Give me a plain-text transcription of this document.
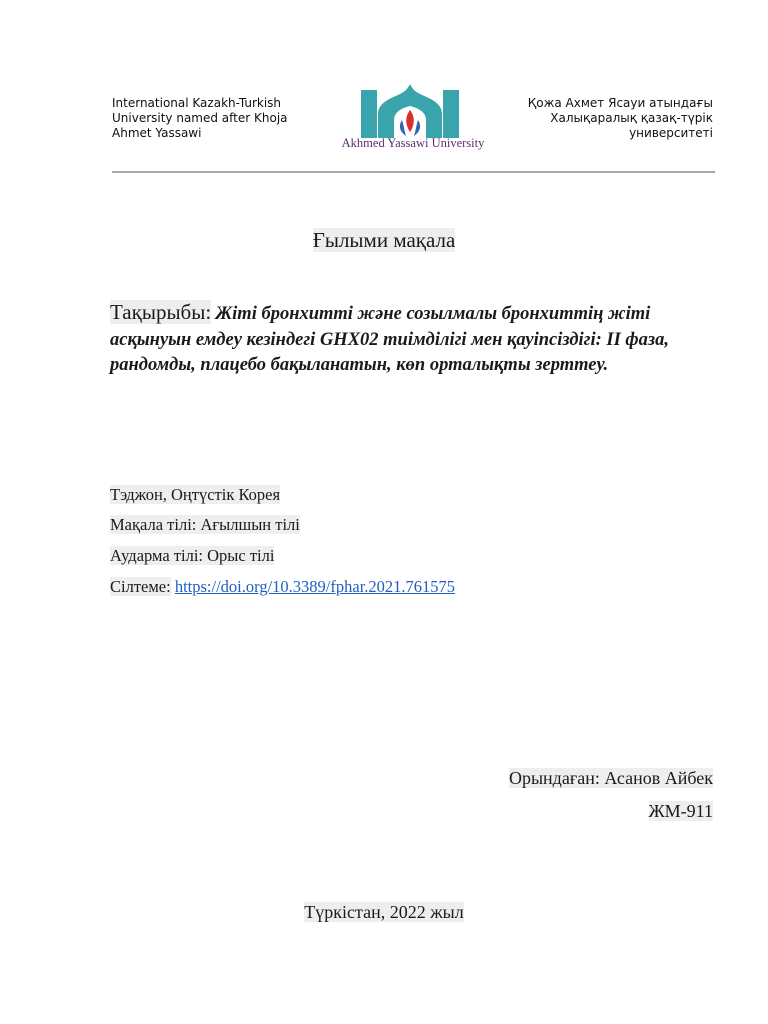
International Kazakh-Turkish
University named after Khoja
Ahmet Yassawi
Akhmed Yassawi University
Қожа Ахмет Ясауи атындағы
Халықаралық қазақ-түрік
университеті
Ғылыми мақала
Тақырыбы: Жіті бронхитті және созылмалы бронхиттің жіті асқынуын емдеу кезіндегі GHX02 тиімділігі мен қауіпсіздігі: II фаза, рандомды, плацебо бақыланатын, көп орталықты зерттеу.
Тэджон, Оңтүстік Корея
Мақала тілі: Ағылшын тілі
Аударма тілі: Орыс тілі
Сілтеме: https://doi.org/10.3389/fphar.2021.761575
Орындаған: Асанов Айбек
ЖМ-911
Түркістан, 2022 жыл
